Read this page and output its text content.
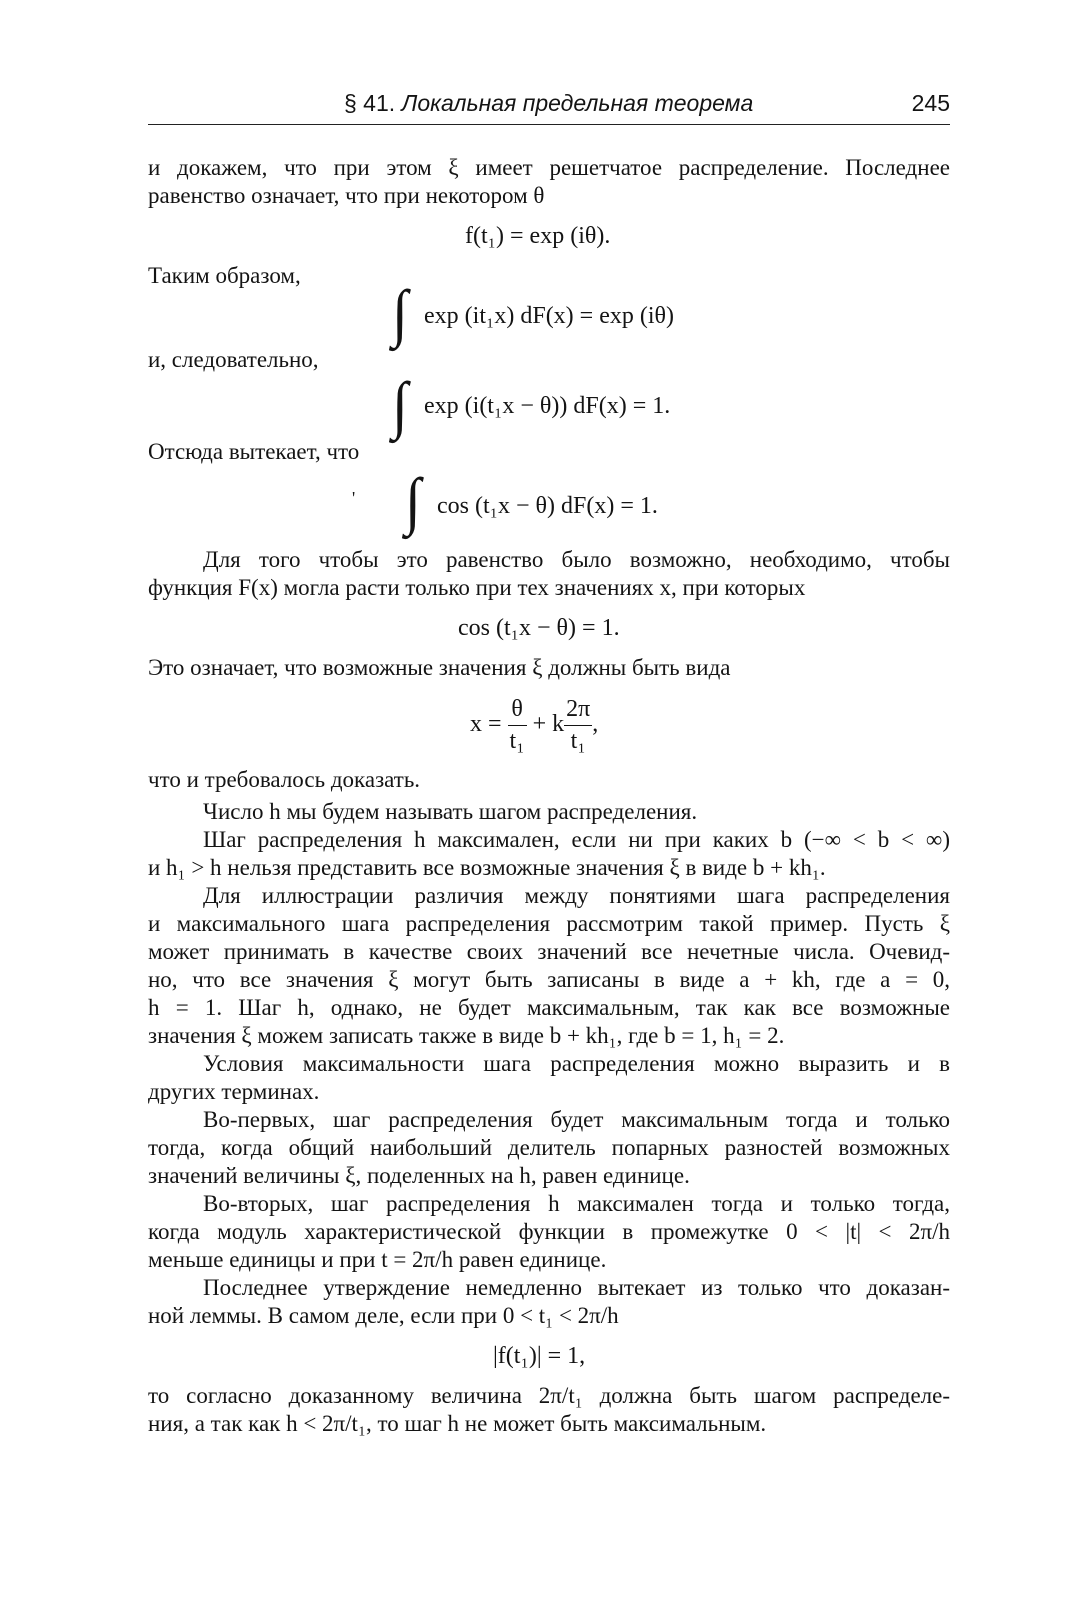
§ 41. Локальная предельная теорема	245
и докажем, что при этом ξ имеет решетчатое распределение. Последнее
равенство означает, что при некотором θ
f(t₁) = exp (iθ).
Таким образом,
∫ exp (it₁x) dF(x) = exp (iθ)
и, следовательно,
∫ exp (i(t₁x − θ)) dF(x) = 1.
Отсюда вытекает, что
' ∫ cos (t₁x − θ) dF(x) = 1.
Для того чтобы это равенство было возможно, необходимо, чтобы
функция F(x) могла расти только при тех значениях x, при которых
cos (t₁x − θ) = 1.
Это означает, что возможные значения ξ должны быть вида
$x = \frac{\theta}{\text{t₁}} + k \frac{2\pi}{\text{t₁}}$ ,
что и требовалось доказать.
Число h мы будем называть шагом распределения.
Шаг распределения h максимален, если ни при каких b (−∞ < b < ∞)
и h₁ > h нельзя представить все возможные значения ξ в виде b + kh₁.
Для иллюстрации различия между понятиями шага распределения
и максимального шага распределения рассмотрим такой пример. Пусть ξ
может принимать в качестве своих значений все нечетные числа. Очевид-
но, что все значения ξ могут быть записаны в виде a + kh, где a = 0,
h = 1. Шаг h, однако, не будет максимальным, так как все возможные
значения ξ можем записать также в виде b + kh₁, где b = 1, h₁ = 2.
Условия максимальности шага распределения можно выразить и в
других терминах.
Во-первых, шаг распределения будет максимальным тогда и только
тогда, когда общий наибольший делитель попарных разностей возможных
значений величины ξ, поделенных на h, равен единице.
Во-вторых, шаг распределения h максимален тогда и только тогда,
когда модуль характеристической функции в промежутке 0 < |t| < 2π/h
меньше единицы и при t = 2π/h равен единице.
Последнее утверждение немедленно вытекает из только что доказан-
ной леммы. В самом деле, если при 0 < t₁ < 2π/h
|f(t₁)| = 1,
то согласно доказанному величина 2π/t₁ должна быть шагом распределе-
ния, а так как h < 2π/t₁, то шаг h не может быть максимальным.
